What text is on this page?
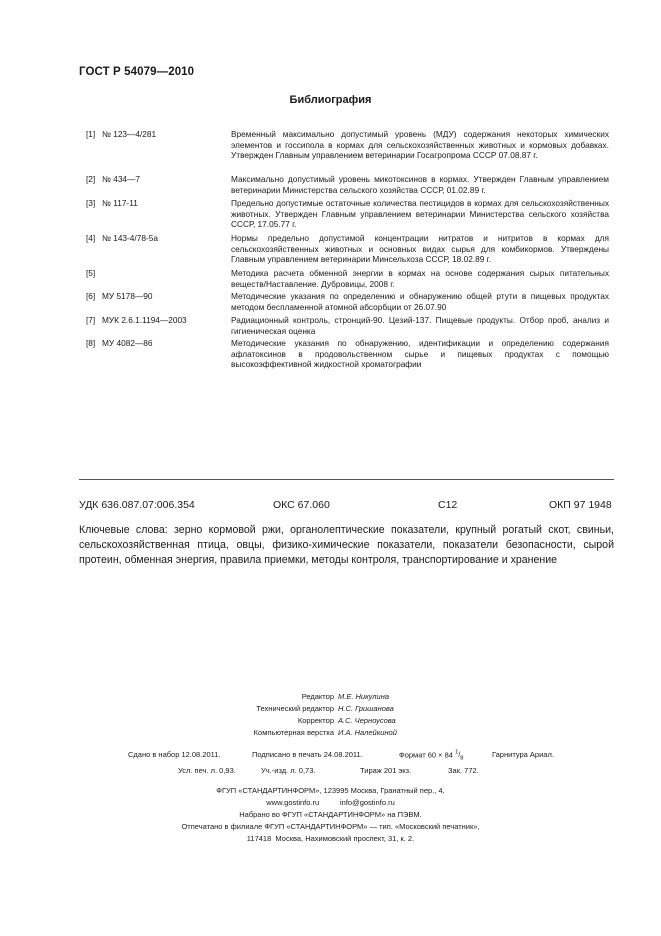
ГОСТ Р 54079—2010
Библиография
[1] № 123—4/281	Временный максимально допустимый уровень (МДУ) содержания некоторых химических элементов и госсипола в кормах для сельскохозяйственных животных и кормовых добавках. Утвержден Главным управлением ветеринарии Госагропрома СССР 07.08.87 г.
[2] № 434—7	Максимально допустимый уровень микотоксинов в кормах. Утвержден Главным управлением ветеринарии Министерства сельского хозяйства СССР, 01.02.89 г.
[3] № 117-11	Предельно допустимые остаточные количества пестицидов в кормах для сельскохозяйственных животных. Утвержден Главным управлением ветеринарии Министерства сельского хозяйства СССР, 17.05.77 г.
[4] № 143-4/78-5а	Нормы предельно допустимой концентрации нитратов и нитритов в кормах для сельскохозяйственных животных и основных видах сырья для комбикормов. Утверждены Главным управлением ветеринарии Минсельхоза СССР, 18.02.89 г.
[5]	Методика расчета обменной энергии в кормах на основе содержания сырых питательных веществ/Наставление. Дубровицы, 2008 г.
[6] МУ 5178—90	Методические указания по определению и обнаружению общей ртути в пищевых продуктах методом беспламенной атомной абсорбции от 26.07.90
[7] МУК 2.6.1.1194—2003	Радиационный контроль, стронций-90. Цезий-137. Пищевые продукты. Отбор проб, анализ и гигиеническая оценка
[8] МУ 4082—86	Методические указания по обнаружению, идентификации и определению содержания афлатоксинов в продовольственном сырье и пищевых продуктах с помощью высокоэффективной жидкостной хроматографии
УДК 636.087.07:006.354	ОКС 67.060	С12	ОКП 97 1948
Ключевые слова: зерно кормовой ржи, органолептические показатели, крупный рогатый скот, свиньи, сельскохозяйственная птица, овцы, физико-химические показатели, показатели безопасности, сырой протеин, обменная энергия, правила приемки, методы контроля, транспортирование и хранение
Редактор М.Е. Никулина
Технический редактор Н.С. Гришанова
Корректор А.С. Черноусова
Компьютерная верстка И.А. Налейкиной
Сдано в набор 12.08.2011.	Подписано в печать 24.08.2011.	Формат 60 × 84 $^1/_8$	Гарнитура Ариал.
Усл. печ. л. 0,93.	Уч.-изд. л. 0,73.	Тираж 201 экз.	Зак. 772.
ФГУП «СТАНДАРТИНФОРМ», 123995 Москва, Гранатный пер., 4,
www.gostinfo.ru          info@gostinfo.ru
Набрано во ФГУП «СТАНДАРТИНФОРМ» на ПЭВМ.
Отпечатано в филиале ФГУП «СТАНДАРТИНФОРМ» — тип. «Московский печатник»,
117418  Москва, Нахимовский проспект, 31, к. 2.
